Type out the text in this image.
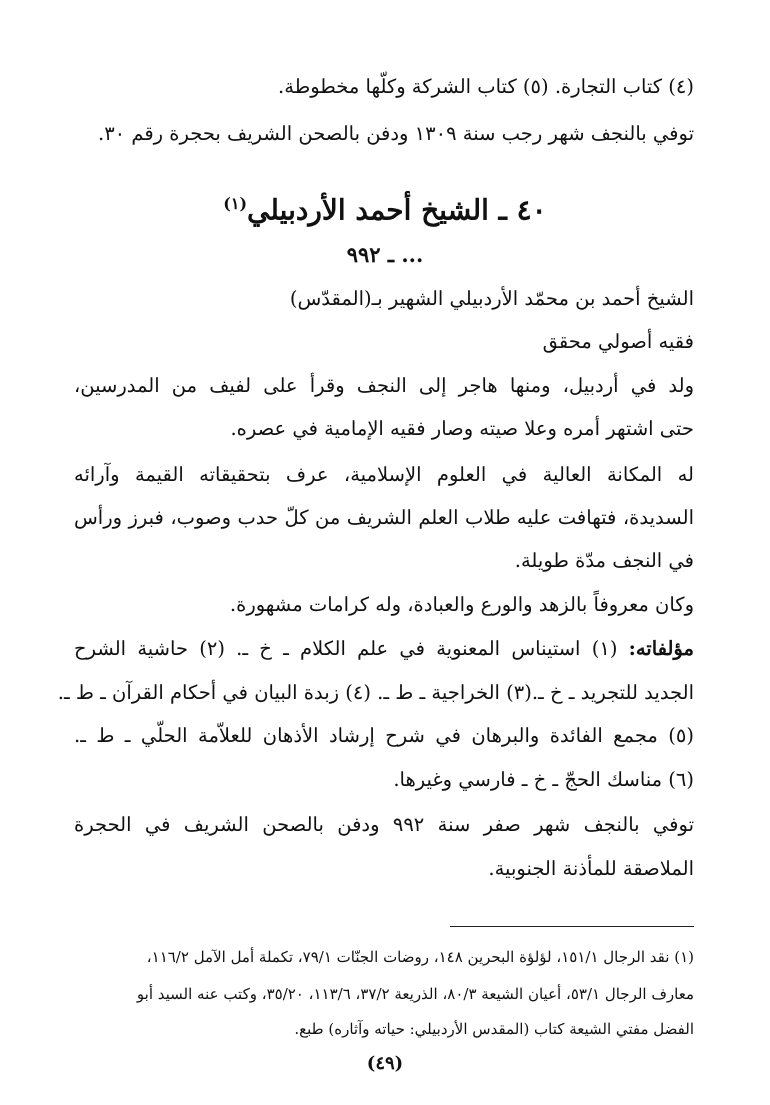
(٤) كتاب التجارة. (٥) كتاب الشركة وكلّها مخطوطة.
توفي بالنجف شهر رجب سنة ١٣٠٩ ودفن بالصحن الشريف بحجرة رقم ٣٠.
٤٠ ـ الشيخ أحمد الأردبيلي$^{(١)}$
... ـ ٩٩٢
الشيخ أحمد بن محمّد الأردبيلي الشهير بـ(المقدّس)
فقيه أصولي محقق
ولد في أردبيل، ومنها هاجر إلى النجف وقرأ على لفيف من المدرسين،
حتى اشتهر أمره وعلا صيته وصار فقيه الإمامية في عصره.
له المكانة العالية في العلوم الإسلامية، عرف بتحقيقاته القيمة وآرائه
السديدة، فتهافت عليه طلاب العلم الشريف من كلّ حدب وصوب، فبرز ورأس
في النجف مدّة طويلة.
وكان معروفاً بالزهد والورع والعبادة، وله كرامات مشهورة.
مؤلفاته: (١) استيناس المعنوية في علم الكلام ـ خ ـ. (٢) حاشية الشرح
الجديد للتجريد ـ خ ـ.(٣) الخراجية ـ ط ـ. (٤) زبدة البيان في أحكام القرآن ـ ط ـ.
(٥) مجمع الفائدة والبرهان في شرح إرشاد الأذهان للعلاّمة الحلّي ـ ط ـ.
(٦) مناسك الحجّ ـ خ ـ فارسي وغيرها.
توفي بالنجف شهر صفر سنة ٩٩٢ ودفن بالصحن الشريف في الحجرة
الملاصقة للمأذنة الجنوبية.
(١) نقد الرجال ١٥١/١، لؤلؤة البحرين ١٤٨، روضات الجنّات ٧٩/١، تكملة أمل الآمل ١١٦/٢،
معارف الرجال ٥٣/١، أعيان الشيعة ٨٠/٣، الذريعة ٣٧/٢، ١١٣/٦، ٣٥/٢٠، وكتب عنه السيد أبو
الفضل مفتي الشيعة كتاب (المقدس الأردبيلي: حياته وآثاره) طبع.
(٤٩)
